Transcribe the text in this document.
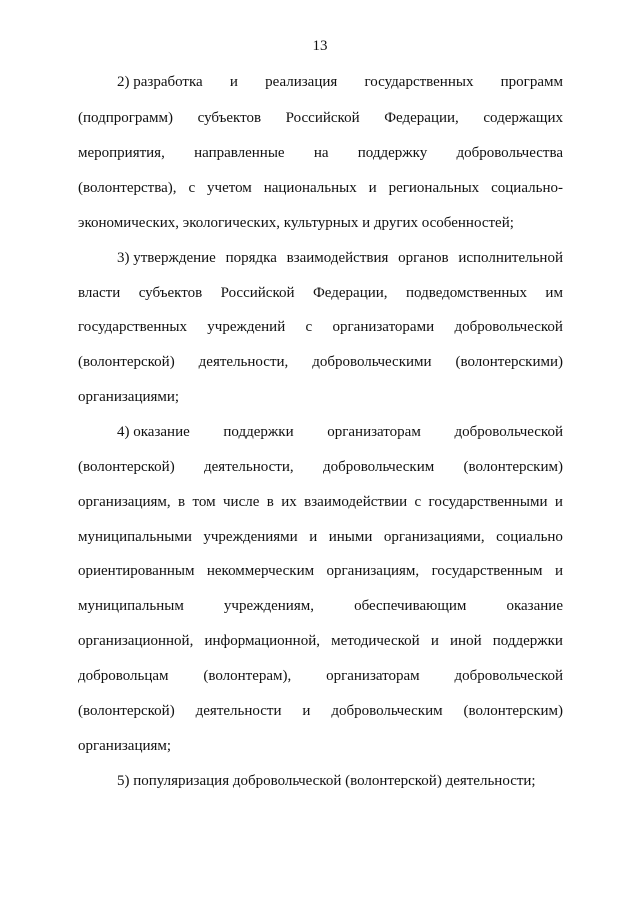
13
2) разработка и реализация государственных программ
(подпрограмм) субъектов Российской Федерации, содержащих
мероприятия, направленные на поддержку добровольчества
(волонтерства), с учетом национальных и региональных социально-
экономических, экологических, культурных и других особенностей;
3) утверждение порядка взаимодействия органов исполнительной
власти субъектов Российской Федерации, подведомственных им
государственных учреждений с организаторами добровольческой
(волонтерской) деятельности, добровольческими (волонтерскими)
организациями;
4) оказание поддержки организаторам добровольческой
(волонтерской) деятельности, добровольческим (волонтерским)
организациям, в том числе в их взаимодействии с государственными и
муниципальными учреждениями и иными организациями, социально
ориентированным некоммерческим организациям, государственным и
муниципальным	учреждениям,	обеспечивающим	оказание
организационной, информационной, методической и иной поддержки
добровольцам (волонтерам), организаторам добровольческой
(волонтерской) деятельности и добровольческим (волонтерским)
организациям;
5) популяризация добровольческой (волонтерской) деятельности;
